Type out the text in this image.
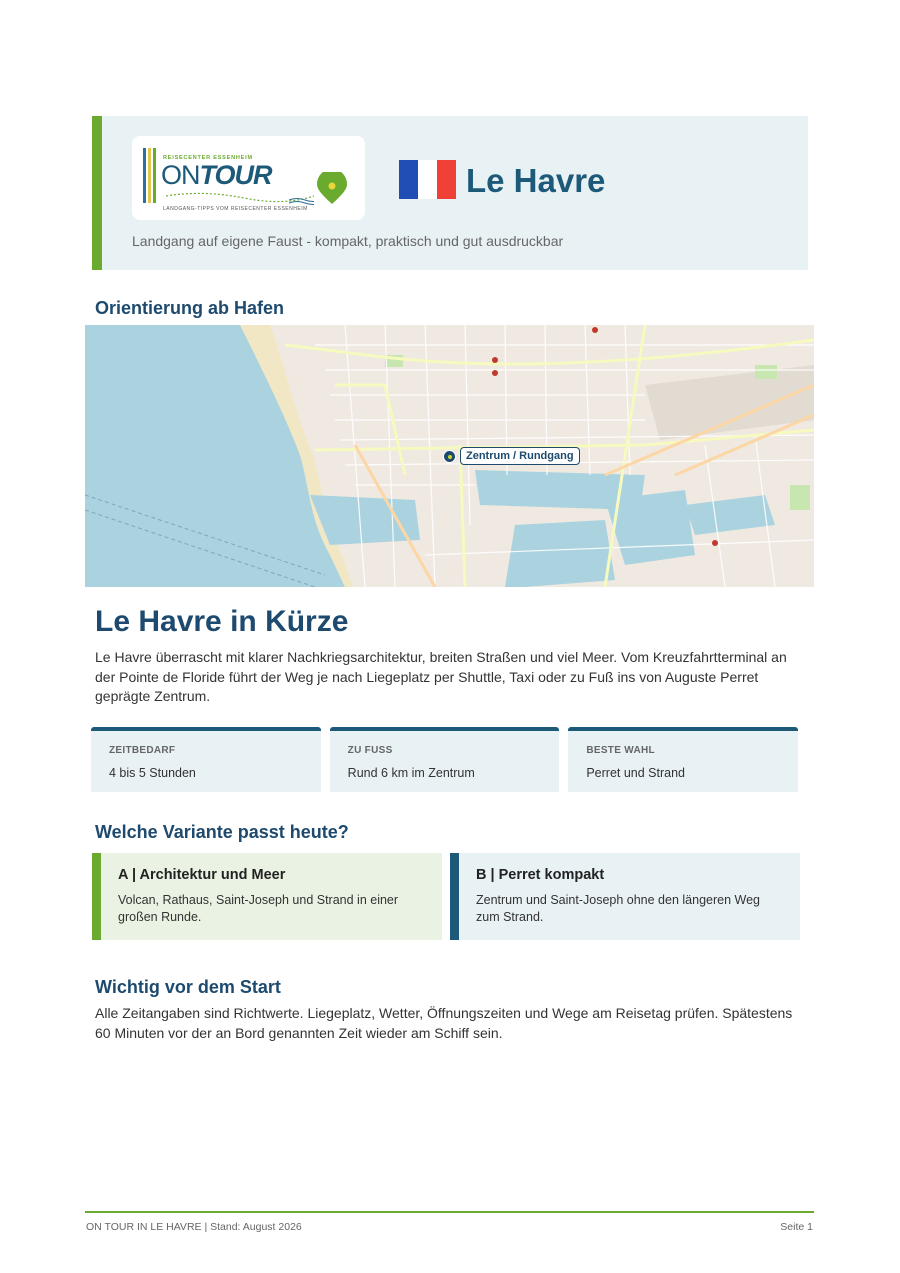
REISECENTER ESSENHEIM
ONTOUR
LANDGANG-TIPPS VOM REISECENTER ESSENHEIM
Le Havre
Landgang auf eigene Faust - kompakt, praktisch und gut ausdruckbar
Orientierung ab Hafen
Zentrum / Rundgang
Le Havre in Kürze
Le Havre überrascht mit klarer Nachkriegsarchitektur, breiten Straßen und viel Meer. Vom Kreuzfahrtterminal an der Pointe de Floride führt der Weg je nach Liegeplatz per Shuttle, Taxi oder zu Fuß ins von Auguste Perret geprägte Zentrum.
ZEITBEDARF
4 bis 5 Stunden
ZU FUSS
Rund 6 km im Zentrum
BESTE WAHL
Perret und Strand
Welche Variante passt heute?
A | Architektur und Meer
Volcan, Rathaus, Saint-Joseph und Strand in einer großen Runde.
B | Perret kompakt
Zentrum und Saint-Joseph ohne den längeren Weg zum Strand.
Wichtig vor dem Start
Alle Zeitangaben sind Richtwerte. Liegeplatz, Wetter, Öffnungszeiten und Wege am Reisetag prüfen. Spätestens 60 Minuten vor der an Bord genannten Zeit wieder am Schiff sein.
ON TOUR IN LE HAVRE | Stand: August 2026	Seite 1
